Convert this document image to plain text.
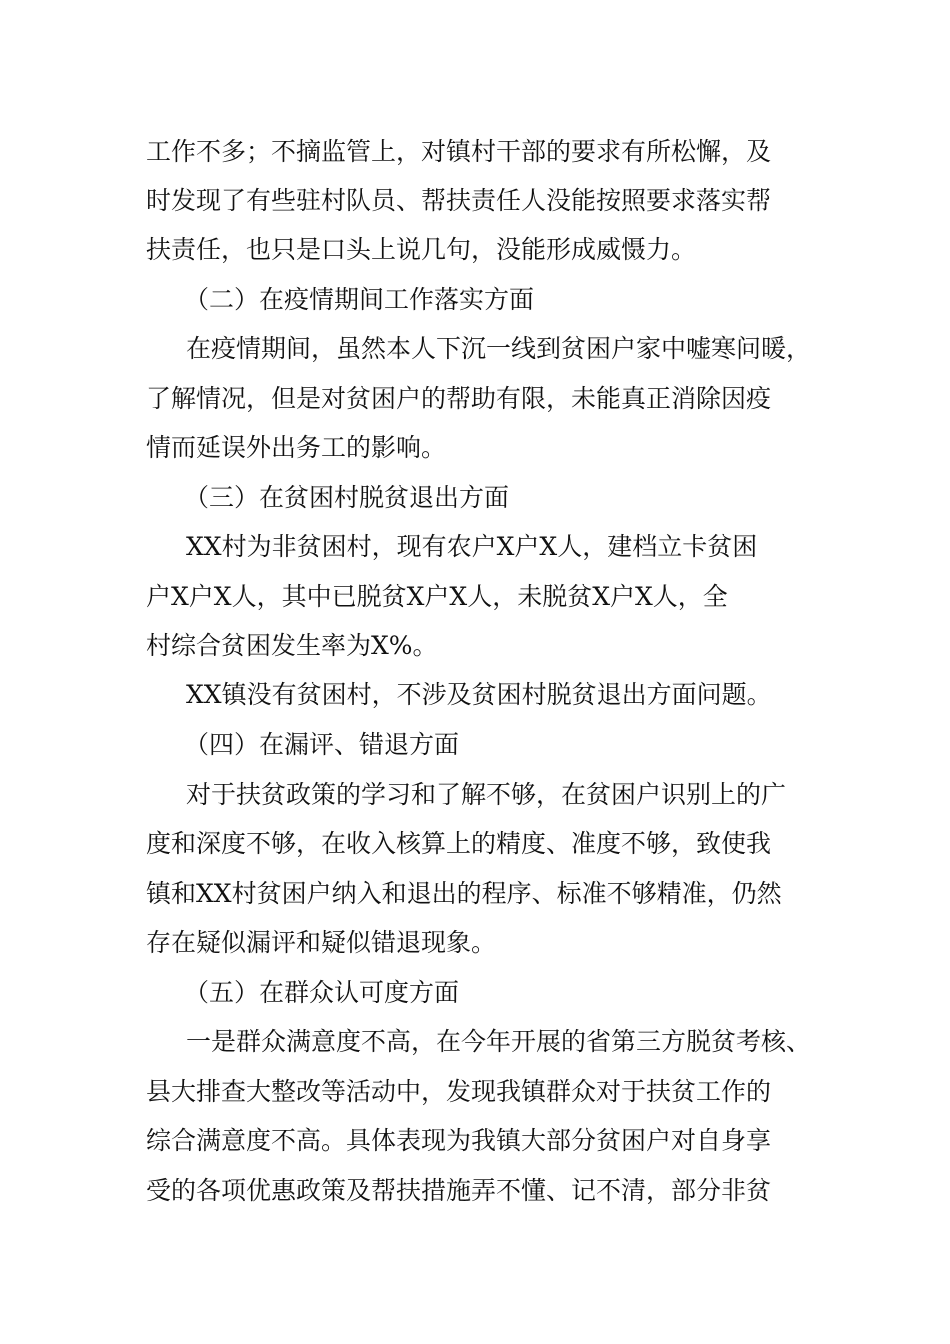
工作不多；不摘监管上，对镇村干部的要求有所松懈，及
时发现了有些驻村队员、帮扶责任人没能按照要求落实帮
扶责任，也只是口头上说几句，没能形成威慑力。
（二）在疫情期间工作落实方面
在疫情期间，虽然本人下沉一线到贫困户家中嘘寒问暖，
了解情况，但是对贫困户的帮助有限，未能真正消除因疫
情而延误外出务工的影响。
（三）在贫困村脱贫退出方面
XX村为非贫困村，现有农户X户X人，建档立卡贫困
户X户X人，其中已脱贫X户X人，未脱贫X户X人，全
村综合贫困发生率为X%。
XX镇没有贫困村，不涉及贫困村脱贫退出方面问题。
（四）在漏评、错退方面
对于扶贫政策的学习和了解不够，在贫困户识别上的广
度和深度不够，在收入核算上的精度、准度不够，致使我
镇和XX村贫困户纳入和退出的程序、标准不够精准，仍然
存在疑似漏评和疑似错退现象。
（五）在群众认可度方面
一是群众满意度不高，在今年开展的省第三方脱贫考核、
县大排查大整改等活动中，发现我镇群众对于扶贫工作的
综合满意度不高。具体表现为我镇大部分贫困户对自身享
受的各项优惠政策及帮扶措施弄不懂、记不清，部分非贫
